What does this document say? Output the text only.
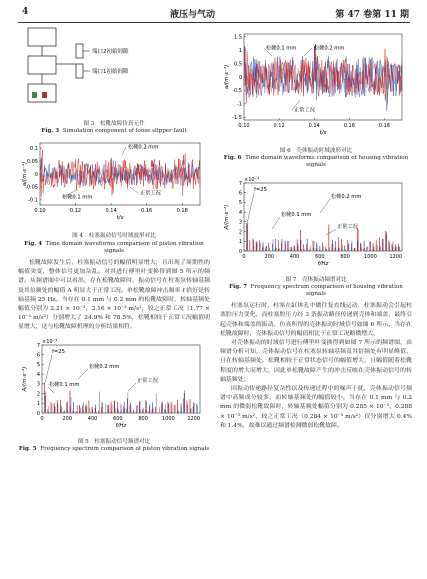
4	液压与气动	第 47 卷第 11 期
端口2初始间隙
端口1初始间隙
图 3　松靴故障仿真元件
Fig. 3 Simulation component of loose slipper fault
0.10	0.12	0.14	0.16	0.18
0.1
0.05
0
-0.05
-0.1
t/s
a/(m·s⁻²)
松靴0.2 mm
松靴0.1 mm
正常工况
图 4　柱塞振动信号时域波形对比
Fig. 4 Time domain waveforms comparison of piston vibration signals

松靴故障发生后，柱塞振动信号的幅值明显增大，且出现了周期性的幅值突变，整体信号更加杂乱。对其进行傅里叶变换得到图 5 所示的频谱。从频谱图中可以看出，存在松靴故障时，振动信号在柱塞泵转轴基频及其倍频处的幅值 A 明显大于正常工况。单松靴故障冲击频率 f 恰好是转轴基频 25 Hz。当存在 0.1 mm 与 0.2 mm 的松靴故障时，转轴基频处幅值分别为 2.21 × 10⁻³、3.16 × 10⁻³ m/s²，较之正常工况（1.77 × 10⁻³ m/s²）分别增大了 24.9% 和 78.5%，松靴相较于正常工况幅值明显增大，这与松靴故障机理的分析结果相符。

0	200	400	600	800	1000	1200
0
1
2
3
4
5
6
7
f/Hz
A/(m·s⁻²)
×10⁻³
f=25
松靴0.2 mm
松靴0.1 mm
正常工况
图 5　柱塞振动信号频谱对比
Fig. 5 Frequency spectrum comparison of piston vibration signals
0.10	0.12	0.14	0.16	0.18
1.5
1
0.5
0
-0.5
-1
-1.5
t/s
a/(m·s⁻²)
松靴0.1 mm	松靴0.2 mm
正常工况
图 6　壳体振动时域波形对比
Fig. 6 Time domain waveforms comparison of housing vibration signals
0	200	400	600	800	1000	1200
0
1
2
3
4
5
6
7
f/Hz
A/(m·s⁻²)
×10⁻⁴
f=25
松靴0.2 mm
松靴0.1 mm
正常工况
图 7　壳体振动频谱对比
Fig. 7 Frequency spectrum comparison of housing vibration signals

柱塞泵运行时，柱塞在缸体孔中做往复直线运动，柱塞振动会引起柱塞腔压力变化，而柱塞腔压力经 3 条振动路径传递到壳体和端盖，最终引起壳体和端盖的振动。仿真所得的壳体振动时域信号如图 6 所示，当存在松靴故障时，壳体振动信号的幅值相比于正常工况略微增大。

对壳体振动的时域信号进行傅里叶变换得到如图 7 所示的频谱图，由频谱分析可知，壳体振动信号在柱塞泵转轴基频及其倍频处有明显峰值，且在转轴基频处，松靴相较于正常状态信号的幅值增大，且幅值随着松靴程度的增大而增大，因此单松靴故障产生的冲击反映在壳体振动信号的转轴基频处。

因振动传递路径复杂性以及传递过程中的噪声干扰，壳体振动信号频谱中高频成分较多，而转轴基频处的幅值较小。当存在 0.1 mm 与 0.2 mm 的微弱松靴故障时，转轴基频处幅值分别为 0.285 × 10⁻³、0.288 × 10⁻³ m/s²，较之正常工况（0.284 × 10⁻³ m/s²）仅分别增大 0.4% 和 1.4%，故难以通过频谱检测微弱松靴故障。
